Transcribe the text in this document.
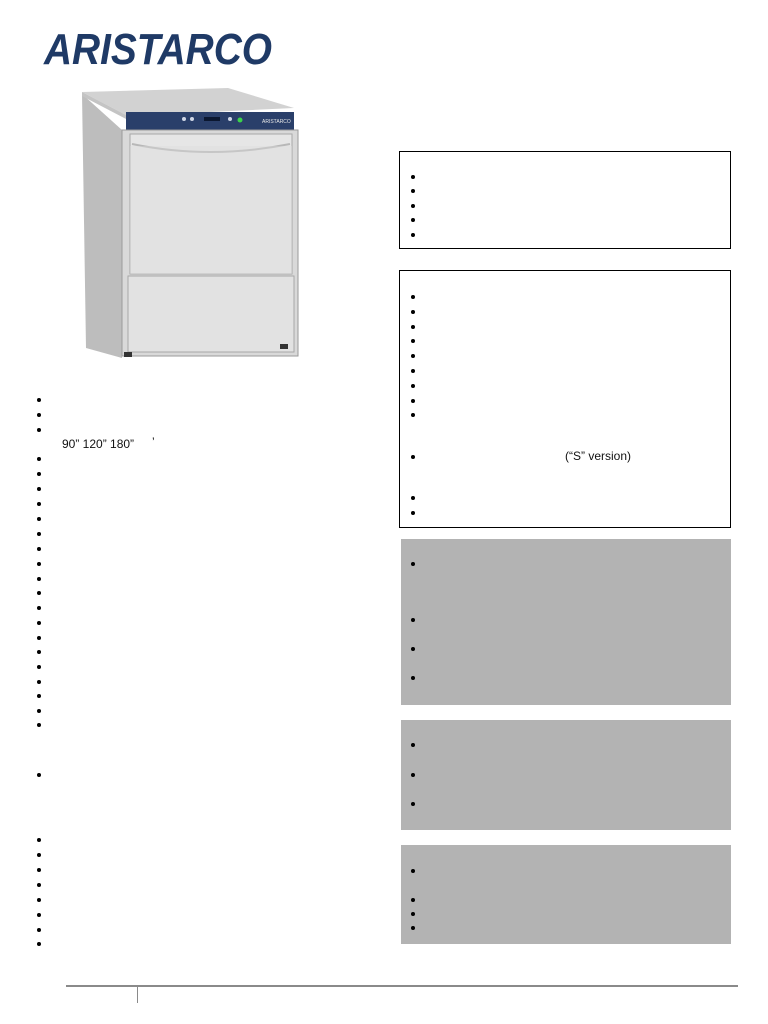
ARISTARCO
ARISTARCO
90” 120” 180” ’
(“S” version)
